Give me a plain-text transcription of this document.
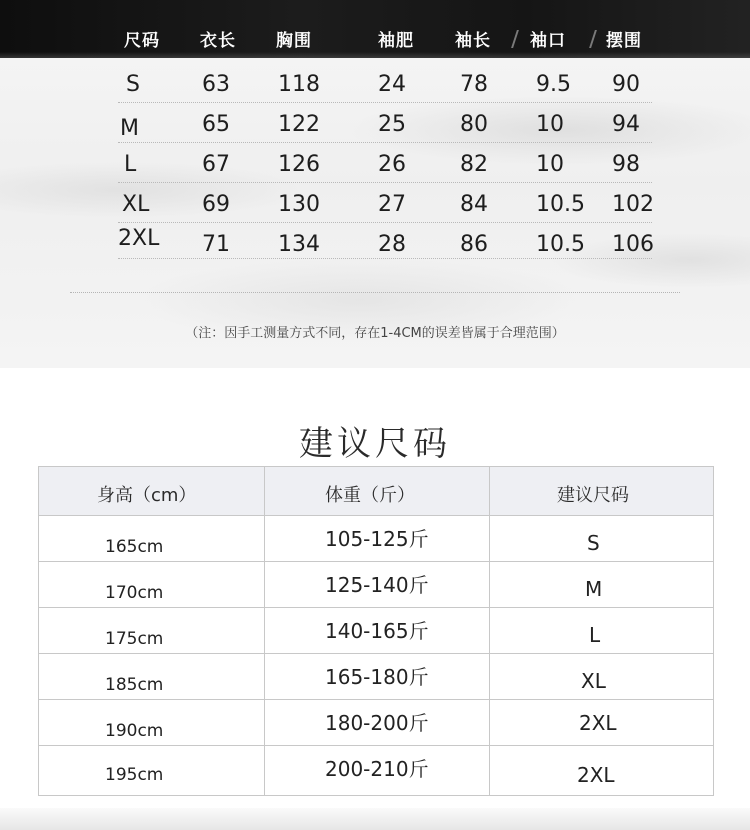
尺码 衣长 胸围	袖肥 袖长 袖口 摆围
S	63 118	24 78 9.5 90
M	65 122	25 80 10 94
L	67 126	26 82 10 98
XL 69 130	27 84 10.5 102
2XL 71 134	28 86 10.5 106
（注：因手工测量方式不同，存在1-4CM的误差皆属于合理范围）
建议尺码
身高（cm）	体重（斤）	建议尺码
165cm	105-125斤	S
170cm	125-140斤	M
175cm	140-165斤	L
185cm	165-180斤	XL
190cm	180-200斤	2XL
195cm	200-210斤	2XL
